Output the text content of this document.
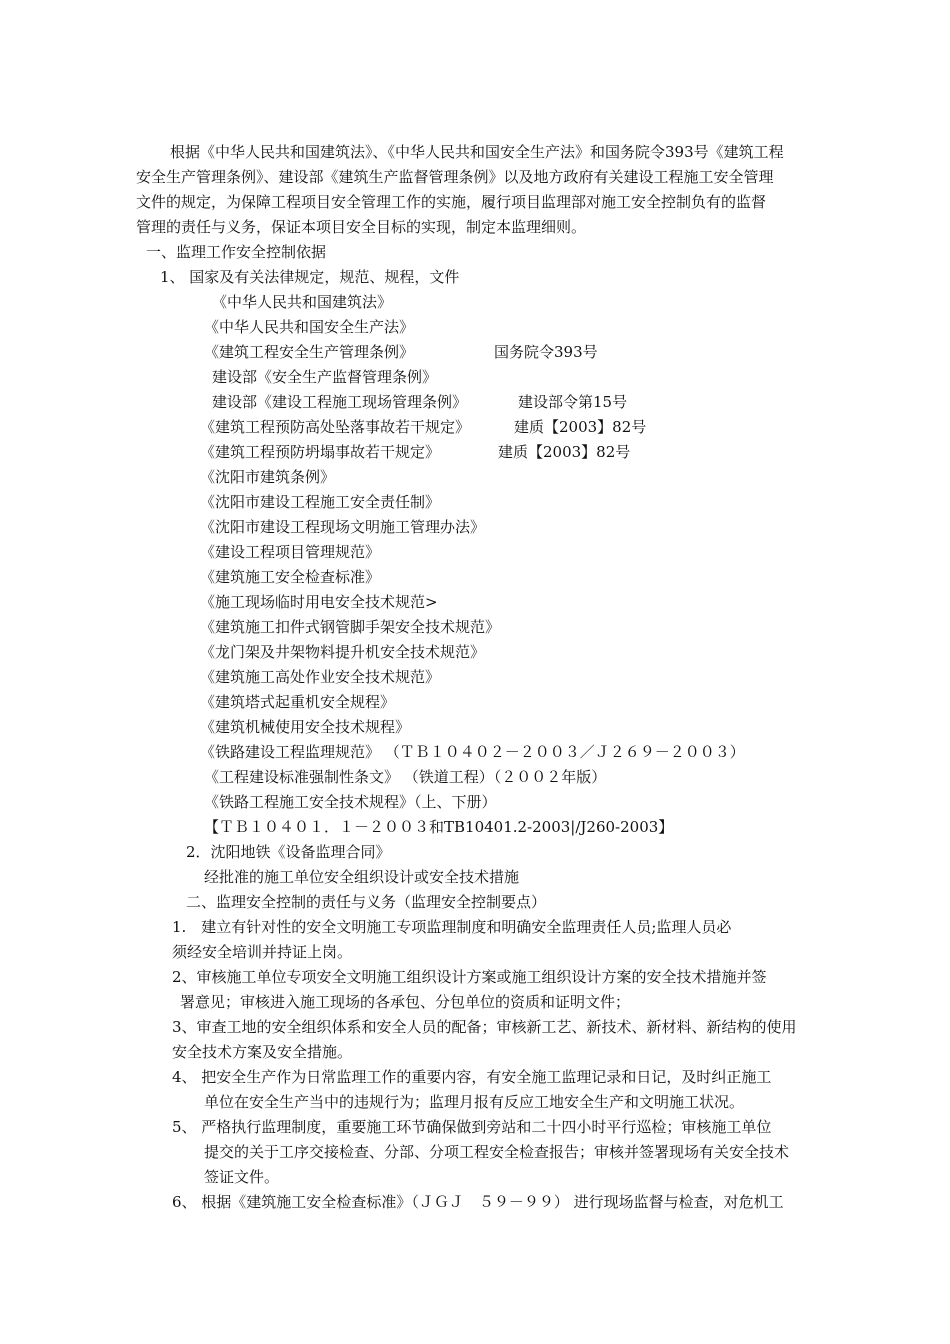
根据《中华人民共和国建筑法》、《中华人民共和国安全生产法》和国务院令393号《建筑工程
安全生产管理条例》、建设部《建筑生产监督管理条例》以及地方政府有关建设工程施工安全管理
文件的规定，为保障工程项目安全管理工作的实施，履行项目监理部对施工安全控制负有的监督
管理的责任与义务，保证本项目安全目标的实现，制定本监理细则。
一、监理工作安全控制依据
1、 国家及有关法律规定，规范、规程，文件
《中华人民共和国建筑法》
《中华人民共和国安全生产法》
《建筑工程安全生产管理条例》	国务院令393号
建设部《安全生产监督管理条例》
建设部《建设工程施工现场管理条例》	建设部令第15号
《建筑工程预防高处坠落事故若干规定》	建质【2003】82号
《建筑工程预防坍塌事故若干规定》	建质【2003】82号
《沈阳市建筑条例》
《沈阳市建设工程施工安全责任制》
《沈阳市建设工程现场文明施工管理办法》
《建设工程项目管理规范》
《建筑施工安全检查标准》
《施工现场临时用电安全技术规范>
《建筑施工扣件式钢管脚手架安全技术规范》
《龙门架及井架物料提升机安全技术规范》
《建筑施工高处作业安全技术规范》
《建筑塔式起重机安全规程》
《建筑机械使用安全技术规程》
《铁路建设工程监理规范》 （ＴＢ１０４０２－２００３／Ｊ２６９－２００３）
《工程建设标准强制性条文》 （铁道工程）（２００２年版）
《铁路工程施工安全技术规程》（上、下册）
【ＴＢ１０４０１．１－２００３和TB10401.2-2003|/J260-2003】
2．沈阳地铁《设备监理合同》
经批准的施工单位安全组织设计或安全技术措施
二、监理安全控制的责任与义务（监理安全控制要点）
1.　建立有针对性的安全文明施工专项监理制度和明确安全监理责任人员;监理人员必
须经安全培训并持证上岗。
2、审核施工单位专项安全文明施工组织设计方案或施工组织设计方案的安全技术措施并签
署意见；审核进入施工现场的各承包、分包单位的资质和证明文件；
3、审查工地的安全组织体系和安全人员的配备；审核新工艺、新技术、新材料、新结构的使用
安全技术方案及安全措施。
4、 把安全生产作为日常监理工作的重要内容，有安全施工监理记录和日记，及时纠正施工
单位在安全生产当中的违规行为；监理月报有反应工地安全生产和文明施工状况。
5、 严格执行监理制度，重要施工环节确保做到旁站和二十四小时平行巡检；审核施工单位
提交的关于工序交接检查、分部、分项工程安全检查报告；审核并签署现场有关安全技术
签证文件。
6、 根据《建筑施工安全检查标准》（ＪＧＪ　５９－９９） 进行现场监督与检查，对危机工
